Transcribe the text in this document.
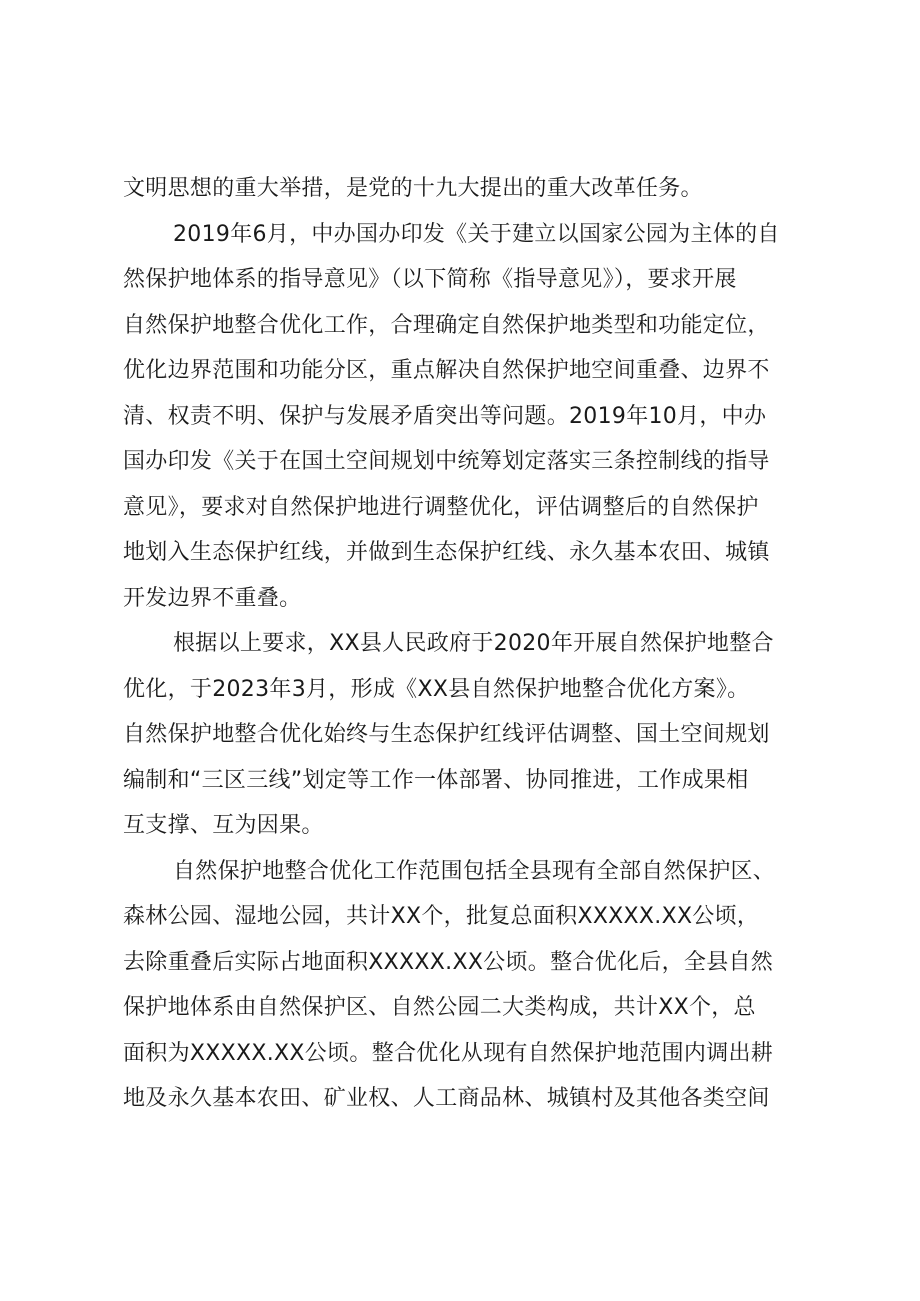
文明思想的重大举措，是党的十九大提出的重大改革任务。

2019年6月，中办国办印发《关于建立以国家公园为主体的自
然保护地体系的指导意见》（以下简称《指导意见》），要求开展
自然保护地整合优化工作，合理确定自然保护地类型和功能定位，
优化边界范围和功能分区，重点解决自然保护地空间重叠、边界不
清、权责不明、保护与发展矛盾突出等问题。2019年10月，中办
国办印发《关于在国土空间规划中统筹划定落实三条控制线的指导
意见》，要求对自然保护地进行调整优化，评估调整后的自然保护
地划入生态保护红线，并做到生态保护红线、永久基本农田、城镇
开发边界不重叠。

根据以上要求，XX县人民政府于2020年开展自然保护地整合
优化，于2023年3月，形成《XX县自然保护地整合优化方案》。
自然保护地整合优化始终与生态保护红线评估调整、国土空间规划
编制和“三区三线”划定等工作一体部署、协同推进，工作成果相
互支撑、互为因果。

自然保护地整合优化工作范围包括全县现有全部自然保护区、
森林公园、湿地公园，共计XX个，批复总面积XXXXX.XX公顷，
去除重叠后实际占地面积XXXXX.XX公顷。整合优化后，全县自然
保护地体系由自然保护区、自然公园二大类构成，共计XX个，总
面积为XXXXX.XX公顷。整合优化从现有自然保护地范围内调出耕
地及永久基本农田、矿业权、人工商品林、城镇村及其他各类空间
